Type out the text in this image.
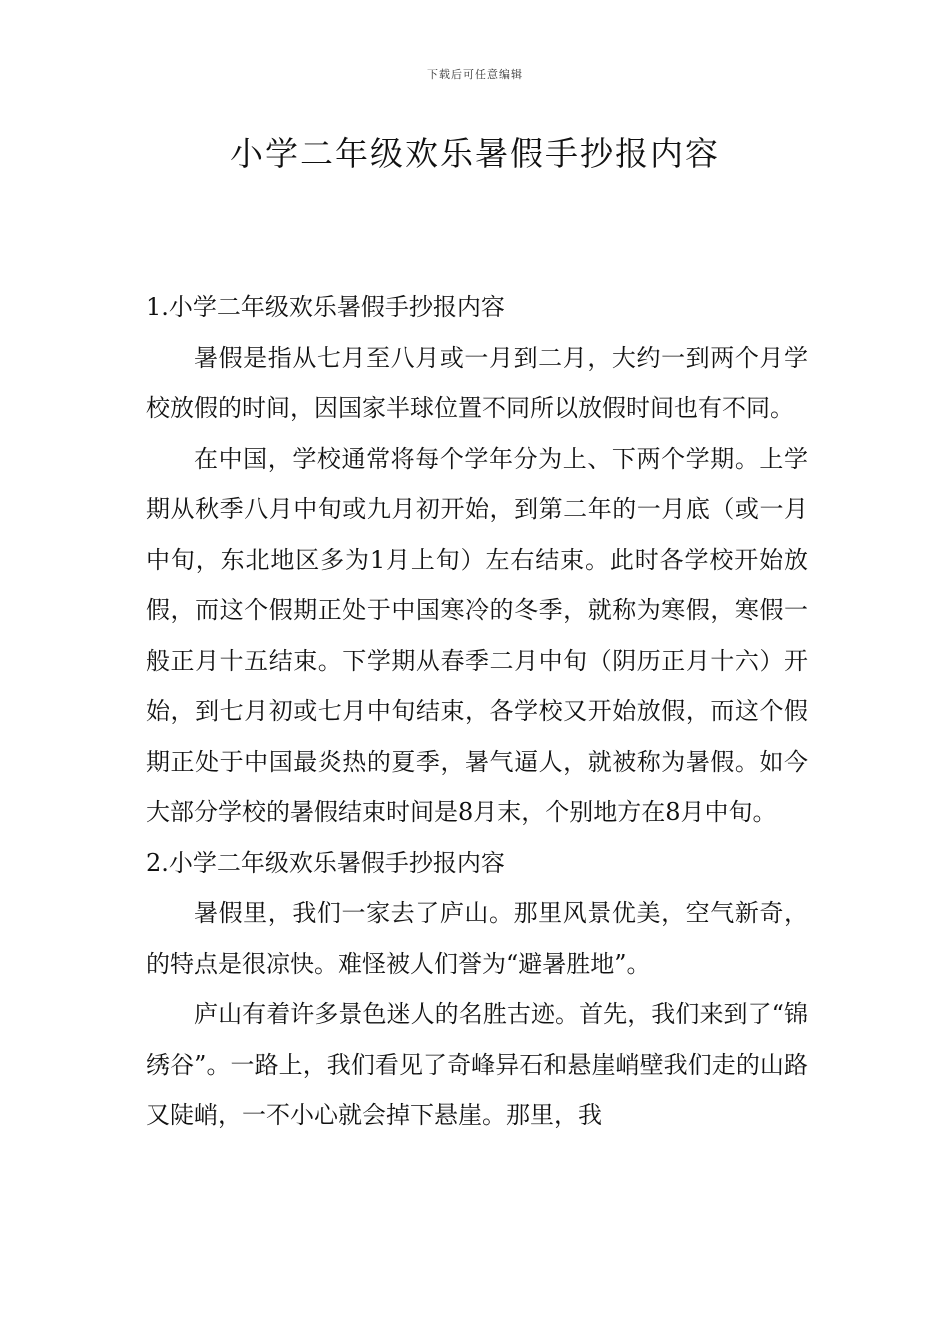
下载后可任意编辑
小学二年级欢乐暑假手抄报内容

1.小学二年级欢乐暑假手抄报内容

暑假是指从七月至八月或一月到二月，大约一到两个月学校放假的时间，因国家半球位置不同所以放假时间也有不同。

在中国，学校通常将每个学年分为上、下两个学期。上学期从秋季八月中旬或九月初开始，到第二年的一月底（或一月中旬，东北地区多为1月上旬）左右结束。此时各学校开始放假，而这个假期正处于中国寒冷的冬季，就称为寒假，寒假一般正月十五结束。下学期从春季二月中旬（阴历正月十六）开始，到七月初或七月中旬结束，各学校又开始放假，而这个假期正处于中国最炎热的夏季，暑气逼人，就被称为暑假。如今大部分学校的暑假结束时间是8月末，个别地方在8月中旬。

2.小学二年级欢乐暑假手抄报内容

暑假里，我们一家去了庐山。那里风景优美，空气新奇，的特点是很凉快。难怪被人们誉为“避暑胜地”。

庐山有着许多景色迷人的名胜古迹。首先，我们来到了“锦绣谷”。一路上，我们看见了奇峰异石和悬崖峭壁我们走的山路又陡峭，一不小心就会掉下悬崖。那里，我
